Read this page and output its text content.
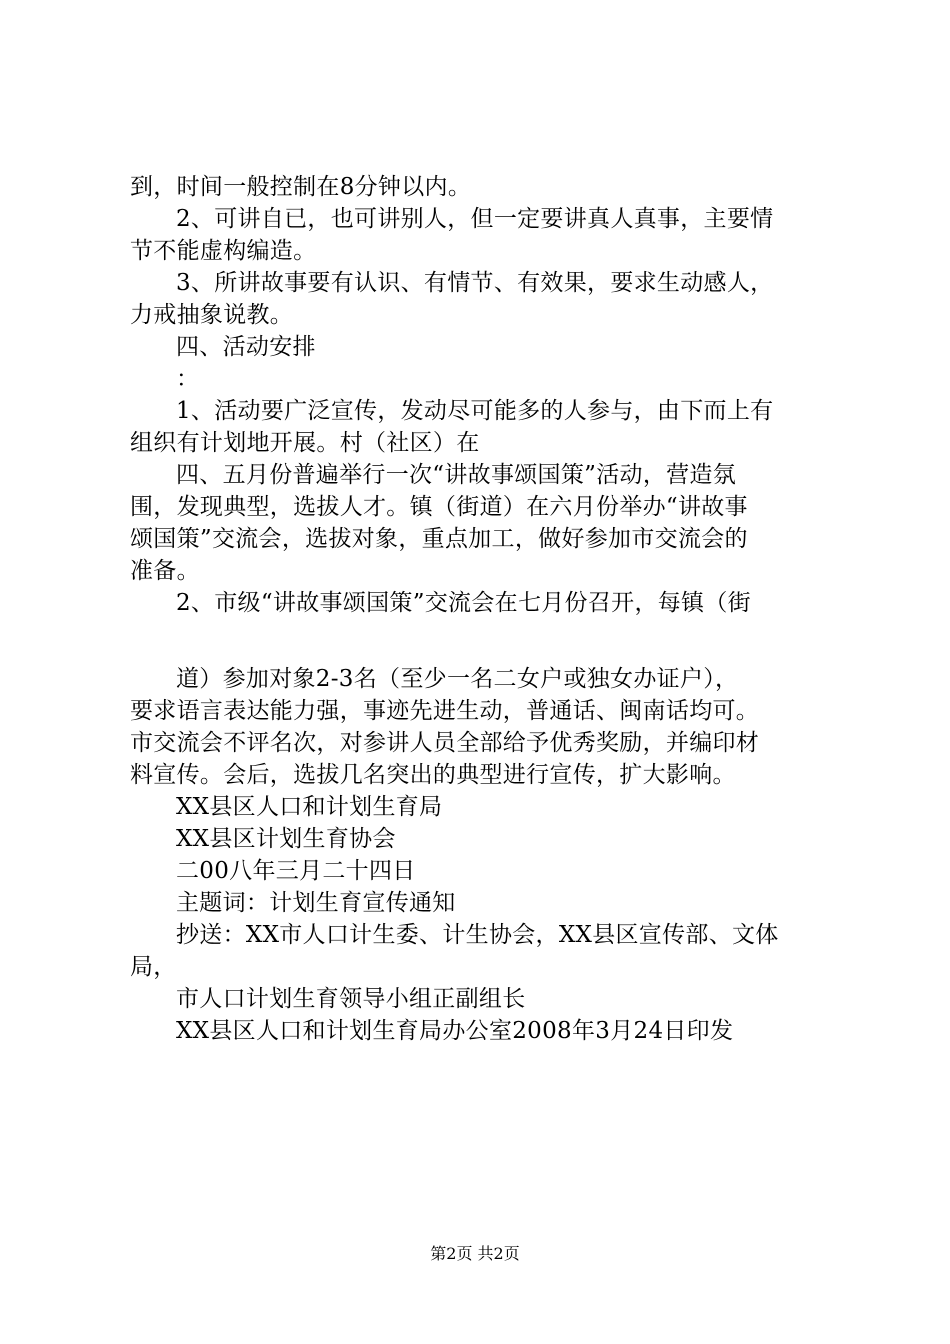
到，时间一般控制在8分钟以内。
2、可讲自已，也可讲别人，但一定要讲真人真事，主要情
节不能虚构编造。
3、所讲故事要有认识、有情节、有效果，要求生动感人，
力戒抽象说教。
四、活动安排
：
1、活动要广泛宣传，发动尽可能多的人参与，由下而上有
组织有计划地开展。村（社区）在
四、五月份普遍举行一次“讲故事颂国策”活动，营造氛
围，发现典型，选拔人才。镇（街道）在六月份举办“讲故事
颂国策”交流会，选拔对象，重点加工，做好参加市交流会的
准备。
2、市级“讲故事颂国策”交流会在七月份召开，每镇（街
道）参加对象2-3名（至少一名二女户或独女办证户），
要求语言表达能力强，事迹先进生动，普通话、闽南话均可。
市交流会不评名次，对参讲人员全部给予优秀奖励，并编印材
料宣传。会后，选拔几名突出的典型进行宣传，扩大影响。
XX县区人口和计划生育局
XX县区计划生育协会
二00八年三月二十四日
主题词：计划生育宣传通知
抄送：XX市人口计生委、计生协会，XX县区宣传部、文体
局，
市人口计划生育领导小组正副组长
XX县区人口和计划生育局办公室2008年3月24日印发
第2页 共2页
